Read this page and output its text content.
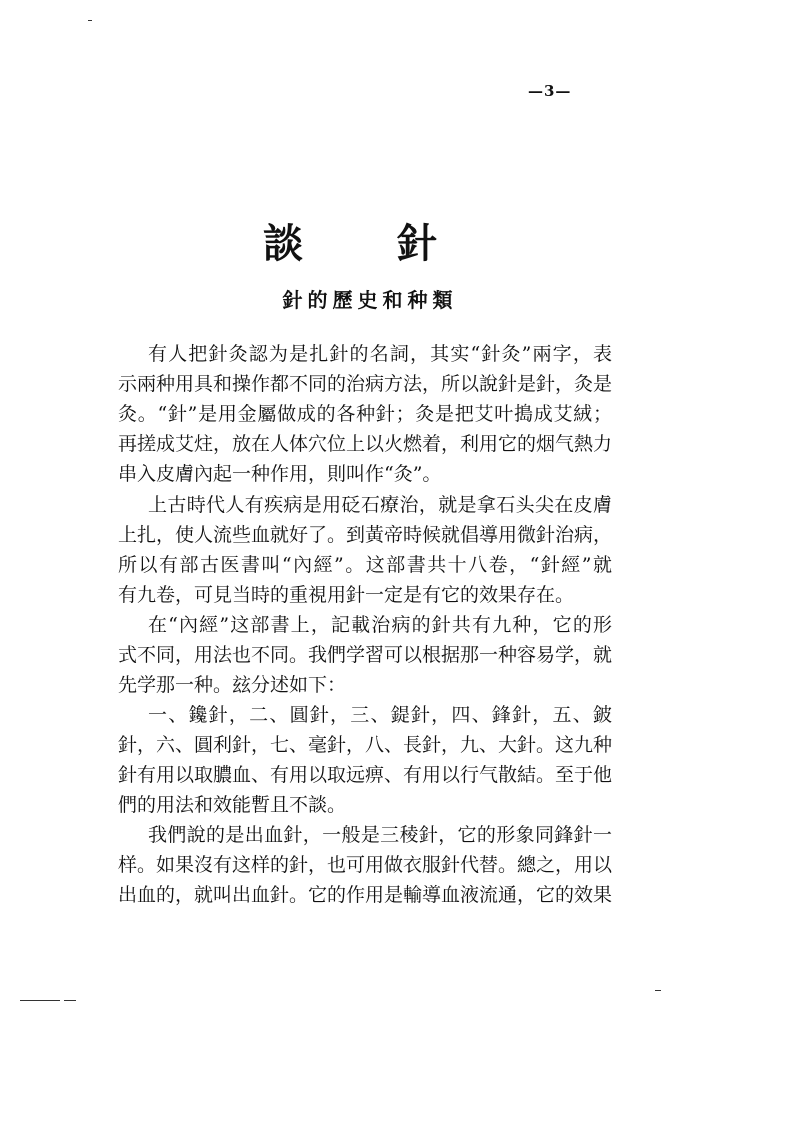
—3—
談 針
針的歷史和种類
有人把針灸認为是扎針的名詞，其实“針灸”兩字，表
示兩种用具和操作都不同的治病方法，所以說針是針，灸是
灸。“針”是用金屬做成的各种針；灸是把艾叶搗成艾絨；
再搓成艾炷，放在人体穴位上以火燃着，利用它的烟气熱力
串入皮膚內起一种作用，則叫作“灸”。
上古時代人有疾病是用砭石療治，就是拿石头尖在皮膚
上扎，使人流些血就好了。到黃帝時候就倡導用微針治病，
所以有部古医書叫“內經”。这部書共十八卷，“針經”就
有九卷，可見当時的重視用針一定是有它的效果存在。
在“內經”这部書上，記載治病的針共有九种，它的形
式不同，用法也不同。我們学習可以根据那一种容易学，就
先学那一种。玆分述如下：
一、鑱針，二、圓針，三、鍉針，四、鋒針，五、鈹
針，六、圓利針，七、毫針，八、長針，九、大針。这九种
針有用以取膿血、有用以取远痹、有用以行气散結。至于他
們的用法和效能暫且不談。
我們說的是出血針，一般是三稜針，它的形象同鋒針一
样。如果沒有这样的針，也可用做衣服針代替。總之，用以
出血的，就叫出血針。它的作用是輸導血液流通，它的效果
